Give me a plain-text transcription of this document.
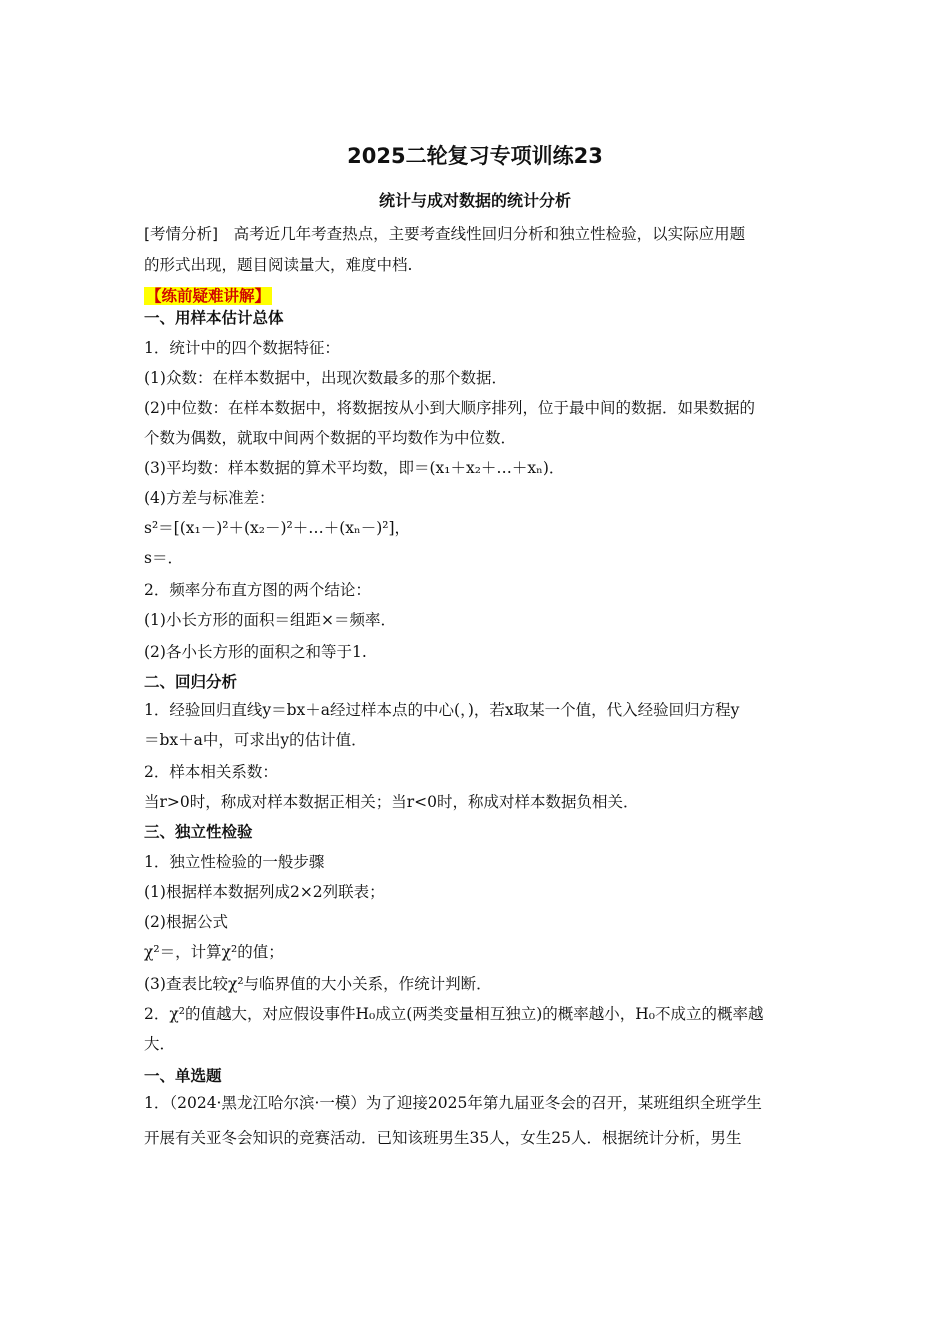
2025二轮复习专项训练23
统计与成对数据的统计分析
[考情分析]　高考近几年考查热点，主要考查线性回归分析和独立性检验，以实际应用题
的形式出现，题目阅读量大，难度中档.
【练前疑难讲解】
一、用样本估计总体
1．统计中的四个数据特征：
(1)众数：在样本数据中，出现次数最多的那个数据．
(2)中位数：在样本数据中，将数据按从小到大顺序排列，位于最中间的数据．如果数据的
个数为偶数，就取中间两个数据的平均数作为中位数．
(3)平均数：样本数据的算术平均数，即＝(x₁＋x₂＋…＋xₙ)．
(4)方差与标准差：
s²＝[(x₁－)²＋(x₂－)²＋…＋(xₙ－)²]，
s＝．
2．频率分布直方图的两个结论：
(1)小长方形的面积＝组距×＝频率．
(2)各小长方形的面积之和等于1.
二、回归分析
1．经验回归直线y＝bx＋a经过样本点的中心(，)，若x取某一个值，代入经验回归方程y
＝bx＋a中，可求出y的估计值．
2．样本相关系数：
当r>0时，称成对样本数据正相关；当r<0时，称成对样本数据负相关．
三、独立性检验
1．独立性检验的一般步骤
(1)根据样本数据列成2×2列联表；
(2)根据公式
χ²＝，计算χ²的值；
(3)查表比较χ²与临界值的大小关系，作统计判断．
2．χ²的值越大，对应假设事件H₀成立(两类变量相互独立)的概率越小，H₀不成立的概率越
大．
一、单选题
1．（2024·黑龙江哈尔滨·一模）为了迎接2025年第九届亚冬会的召开，某班组织全班学生
开展有关亚冬会知识的竞赛活动．已知该班男生35人，女生25人．根据统计分析，男生
